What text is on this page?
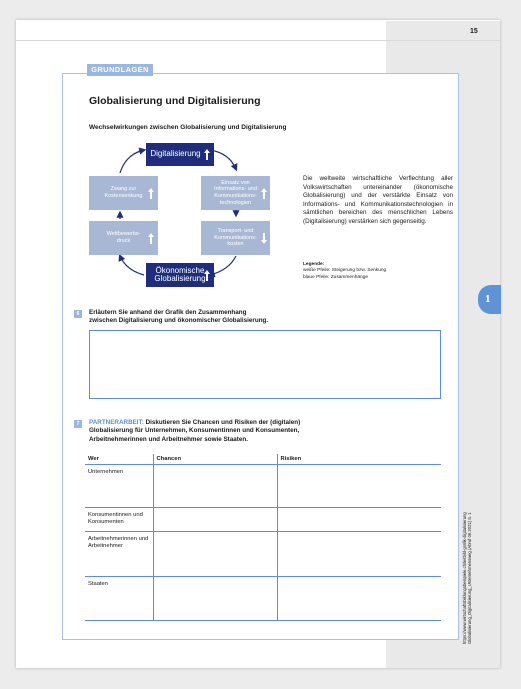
15
GRUNDLAGEN
Globalisierung und Digitalisierung
Wechselwirkungen zwischen Globalisierung und Digitalisierung
Digitalisierung
Zwang zur
Kostensenkung
Wettbewerbs-
druck
Einsatz von
Informations- und
Kommunikations-
technologien
Transport- und
Kommunikations-
kosten
Ökonomische
Globalisierung
Die weltweite wirtschaftliche Verflechtung aller Volkswirtschaften untereinander (ökonomische Globalisierung) und der verstärkte Einsatz von Informations- und Kommunikationstechnologien in sämtlichen bereichen des menschlichen Lebens (Digitalisierung) verstärken sich gegenseitig.
Legende:
weiße Pfeile: Steigerung bzw. Senkung
blaue Pfeile: Zusammenhänge
1
6	Erläutern Sie anhand der Grafik den Zusammenhang
zwischen Digitalisierung und ökonomischer Globalisierung.
7	PARTNERARBEIT: Diskutieren Sie Chancen und Risiken der (digitalen)
Globalisierung für Unternehmen, Konsumentinnen und Konsumenten,
Arbeitnehmerinnen und Arbeitnehmer sowie Staaten.
Wer	Chancen	Risiken
Unternehmen		
Konsumentinnen und Konsumenten		
Arbeitnehmerinnen und Arbeitnehmer		
Staaten			https://www.wirtschaftsbildungsbeispiele.ch/leitbild-grafik-digitalisierung Globalisierung_Digitalisierung_Unternehmensweg (Abruf 06.2021) S. 1
